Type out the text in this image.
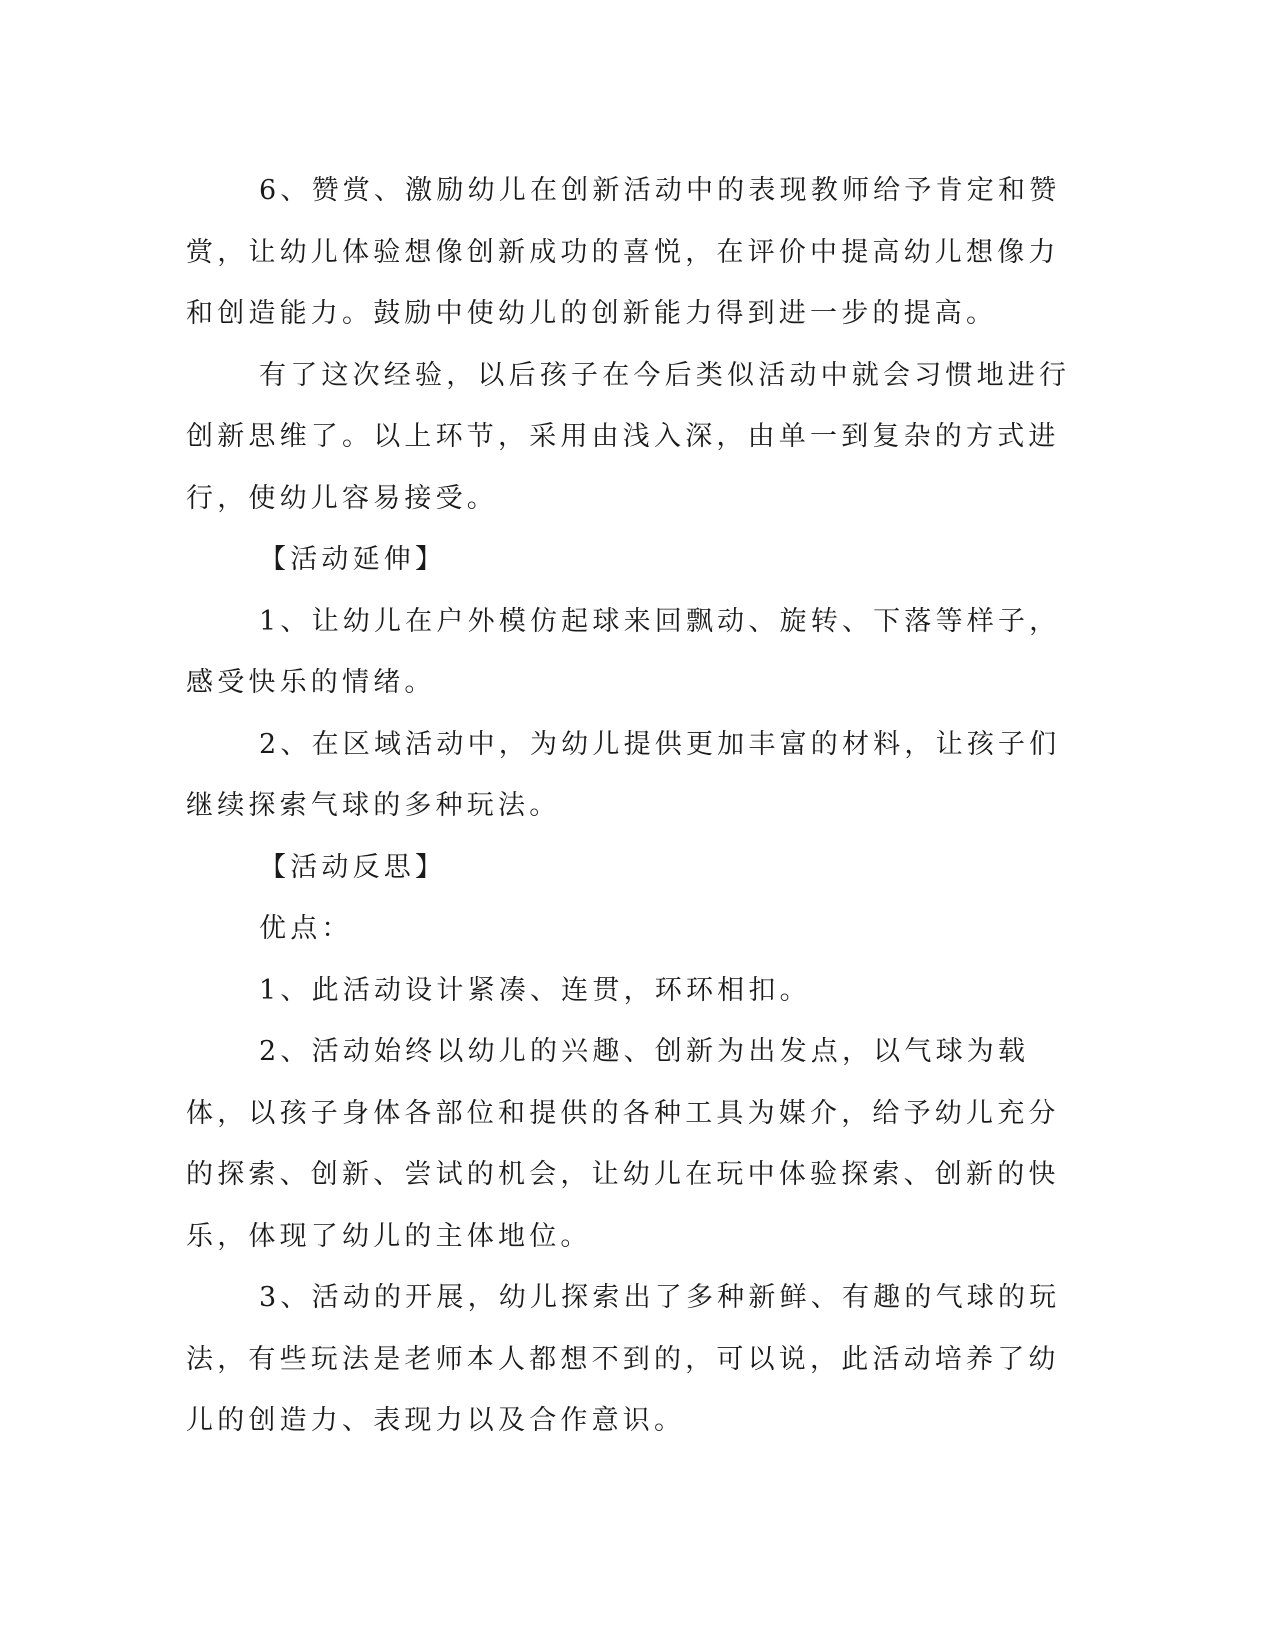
6、赞赏、激励幼儿在创新活动中的表现教师给予肯定和赞赏，让幼儿体验想像创新成功的喜悦，在评价中提高幼儿想像力和创造能力。鼓励中使幼儿的创新能力得到进一步的提高。

有了这次经验，以后孩子在今后类似活动中就会习惯地进行创新思维了。以上环节，采用由浅入深，由单一到复杂的方式进行，使幼儿容易接受。

【活动延伸】

1、让幼儿在户外模仿起球来回飘动、旋转、下落等样子，感受快乐的情绪。

2、在区域活动中，为幼儿提供更加丰富的材料，让孩子们继续探索气球的多种玩法。

【活动反思】

优点：

1、此活动设计紧凑、连贯，环环相扣。

2、活动始终以幼儿的兴趣、创新为出发点，以气球为载体，以孩子身体各部位和提供的各种工具为媒介，给予幼儿充分的探索、创新、尝试的机会，让幼儿在玩中体验探索、创新的快乐，体现了幼儿的主体地位。

3、活动的开展，幼儿探索出了多种新鲜、有趣的气球的玩法，有些玩法是老师本人都想不到的，可以说，此活动培养了幼儿的创造力、表现力以及合作意识。
